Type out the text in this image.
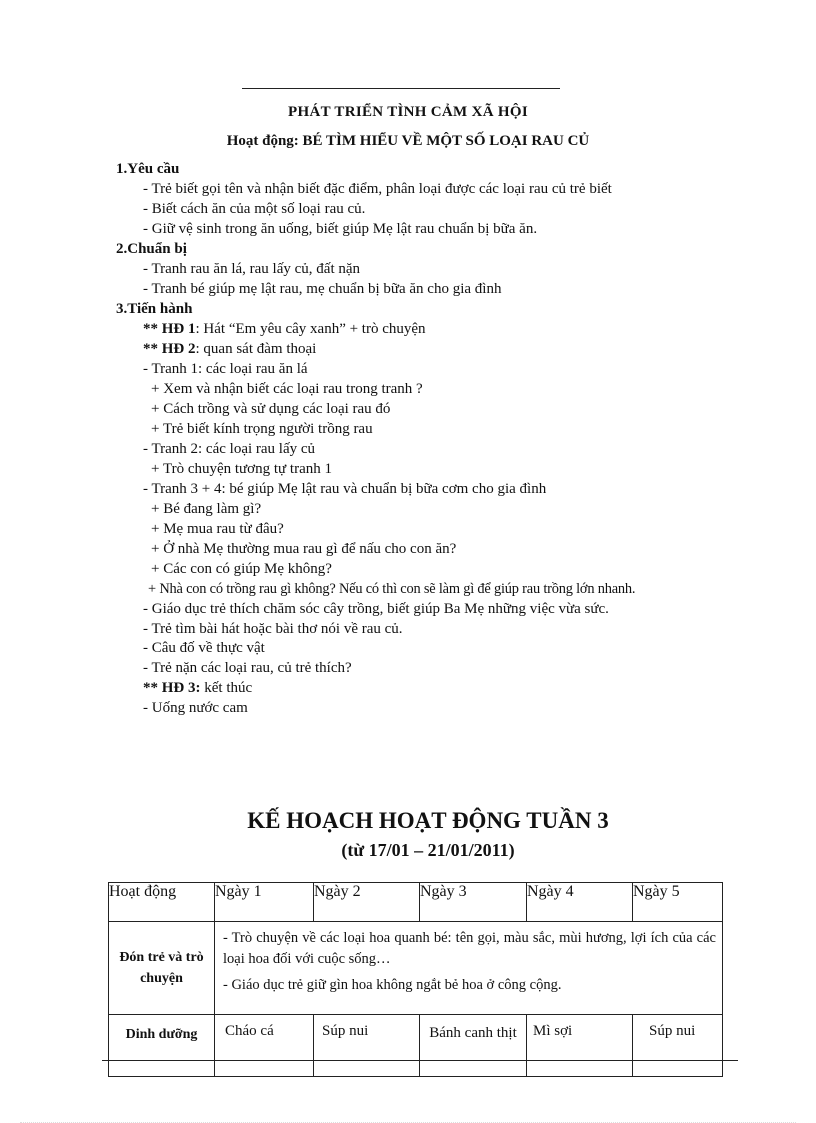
PHÁT TRIỂN TÌNH CẢM XÃ HỘI
Hoạt động: BÉ TÌM HIỂU VỀ MỘT SỐ LOẠI RAU CỦ
1.Yêu cầu
- Trẻ biết gọi tên và nhận biết đặc điểm, phân loại được các loại rau củ trẻ biết
- Biết cách ăn của một số loại rau củ.
- Giữ vệ sinh trong ăn uống, biết giúp Mẹ lật rau chuẩn bị bữa ăn.
2.Chuẩn bị
- Tranh rau ăn lá, rau lấy củ, đất nặn
- Tranh bé giúp mẹ lật rau, mẹ chuẩn bị bữa ăn cho gia đình
3.Tiến hành
** HĐ 1: Hát “Em yêu cây xanh” + trò chuyện
** HĐ 2: quan sát đàm thoại
- Tranh 1: các loại rau ăn lá
+ Xem và nhận biết các loại rau trong tranh ?
+ Cách trồng và sử dụng các loại rau đó
+ Trẻ biết kính trọng người trồng rau
- Tranh 2: các loại rau lấy củ
+ Trò chuyện tương tự tranh 1
- Tranh 3 + 4: bé giúp Mẹ lật rau và chuẩn bị bữa cơm cho gia đình
+ Bé đang làm gì?
+ Mẹ mua rau từ đâu?
+ Ở nhà Mẹ thường mua rau gì để nấu cho con ăn?
+ Các con có giúp Mẹ không?
+ Nhà con có trồng rau gì không? Nếu có thì con sẽ làm gì để giúp rau trồng lớn nhanh.
- Giáo dục trẻ thích chăm sóc cây trồng, biết giúp Ba Mẹ những việc vừa sức.
- Trẻ tìm bài hát hoặc bài thơ nói về rau củ.
- Câu đố về thực vật
- Trẻ nặn các loại rau, củ trẻ thích?
** HĐ 3: kết thúc
- Uống nước cam
KẾ HOẠCH HOẠT ĐỘNG TUẦN 3
(từ 17/01 – 21/01/2011)
Hoạt động	Ngày 1	Ngày 2	Ngày 3	Ngày 4	Ngày 5
Đón trẻ và trò chuyện	- Trò chuyện về các loại hoa quanh bé: tên gọi, màu sắc, mùi hương, lợi ích của các loại hoa đối với cuộc sống…
- Giáo dục trẻ giữ gìn hoa không ngắt bẻ hoa ở công cộng.				

Dinh dưỡng	Cháo cá	Súp nui	Bánh canh thịt	Mì sợi	Súp nui
